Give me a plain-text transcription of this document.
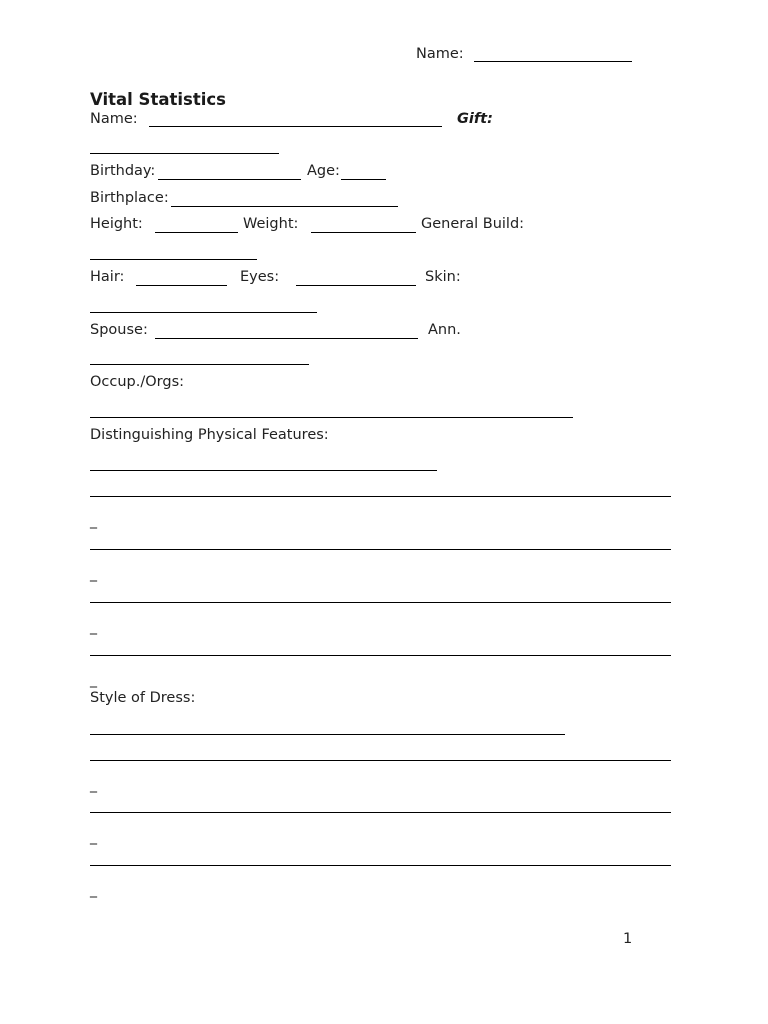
Name:
Vital Statistics
Name:	Gift:
Birthday:	Age:
Birthplace:
Height:	Weight:	General Build:
Hair:	Eyes:	Skin:
Spouse:	Ann.
Occup./Orgs:
Distinguishing Physical Features:
_
_
_
_
Style of Dress:
_
_
_
1
